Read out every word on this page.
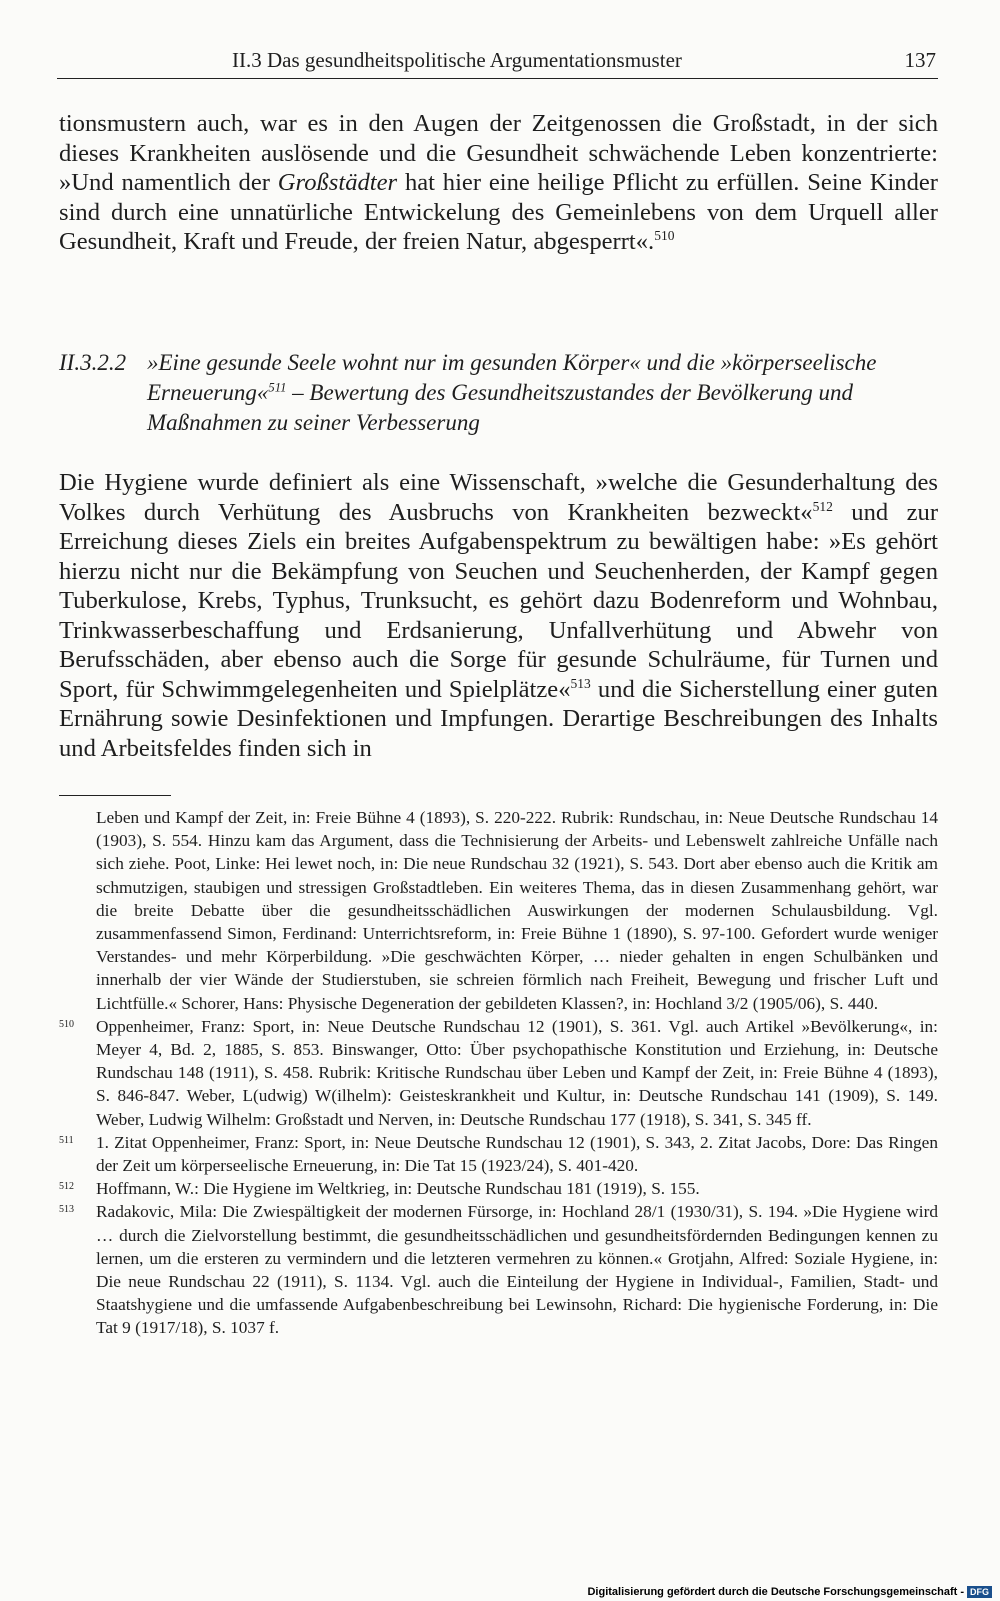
II.3 Das gesundheitspolitische Argumentationsmuster	137

tionsmustern auch, war es in den Augen der Zeitgenossen die Großstadt, in der sich dieses Krankheiten auslösende und die Gesundheit schwächende Leben konzentrierte: »Und namentlich der Großstädter hat hier eine heilige Pflicht zu erfüllen. Seine Kinder sind durch eine unnatürliche Entwickelung des Gemeinlebens von dem Urquell aller Gesundheit, Kraft und Freude, der freien Natur, abgesperrt«.$^{510}$

II.3.2.2 »Eine gesunde Seele wohnt nur im gesunden Körper« und die »körperseelische Erneuerung«$^{511}$ – Bewertung des Gesundheitszustandes der Bevölkerung und Maßnahmen zu seiner Verbesserung

Die Hygiene wurde definiert als eine Wissenschaft, »welche die Gesunderhaltung des Volkes durch Verhütung des Ausbruchs von Krankheiten bezweckt«$^{512}$ und zur Erreichung dieses Ziels ein breites Aufgabenspektrum zu bewältigen habe: »Es gehört hierzu nicht nur die Bekämpfung von Seuchen und Seuchenherden, der Kampf gegen Tuberkulose, Krebs, Typhus, Trunksucht, es gehört dazu Bodenreform und Wohnbau, Trinkwasserbeschaffung und Erdsanierung, Unfallverhütung und Abwehr von Berufsschäden, aber ebenso auch die Sorge für gesunde Schulräume, für Turnen und Sport, für Schwimmgelegenheiten und Spielplätze«$^{513}$ und die Sicherstellung einer guten Ernährung sowie Desinfektionen und Impfungen. Derartige Beschreibungen des Inhalts und Arbeitsfeldes finden sich in

Leben und Kampf der Zeit, in: Freie Bühne 4 (1893), S. 220-222. Rubrik: Rundschau, in: Neue Deutsche Rundschau 14 (1903), S. 554. Hinzu kam das Argument, dass die Technisierung der Arbeits- und Lebenswelt zahlreiche Unfälle nach sich ziehe. Poot, Linke: Hei lewet noch, in: Die neue Rundschau 32 (1921), S. 543. Dort aber ebenso auch die Kritik am schmutzigen, staubigen und stressigen Großstadtleben. Ein weiteres Thema, das in diesen Zusammenhang gehört, war die breite Debatte über die gesundheitsschädlichen Auswirkungen der modernen Schulausbildung. Vgl. zusammenfassend Simon, Ferdinand: Unterrichtsreform, in: Freie Bühne 1 (1890), S. 97-100. Gefordert wurde weniger Verstandes- und mehr Körperbildung. »Die geschwächten Körper, … nieder gehalten in engen Schulbänken und innerhalb der vier Wände der Studierstuben, sie schreien förmlich nach Freiheit, Bewegung und frischer Luft und Lichtfülle.« Schorer, Hans: Physische Degeneration der gebildeten Klassen?, in: Hochland 3/2 (1905/06), S. 440.
510 Oppenheimer, Franz: Sport, in: Neue Deutsche Rundschau 12 (1901), S. 361. Vgl. auch Artikel »Bevölkerung«, in: Meyer 4, Bd. 2, 1885, S. 853. Binswanger, Otto: Über psychopathische Konstitution und Erziehung, in: Deutsche Rundschau 148 (1911), S. 458. Rubrik: Kritische Rundschau über Leben und Kampf der Zeit, in: Freie Bühne 4 (1893), S. 846-847. Weber, L(udwig) W(ilhelm): Geisteskrankheit und Kultur, in: Deutsche Rundschau 141 (1909), S. 149. Weber, Ludwig Wilhelm: Großstadt und Nerven, in: Deutsche Rundschau 177 (1918), S. 341, S. 345 ff.
511 1. Zitat Oppenheimer, Franz: Sport, in: Neue Deutsche Rundschau 12 (1901), S. 343, 2. Zitat Jacobs, Dore: Das Ringen der Zeit um körperseelische Erneuerung, in: Die Tat 15 (1923/24), S. 401-420.
512 Hoffmann, W.: Die Hygiene im Weltkrieg, in: Deutsche Rundschau 181 (1919), S. 155.
513 Radakovic, Mila: Die Zwiespältigkeit der modernen Fürsorge, in: Hochland 28/1 (1930/31), S. 194. »Die Hygiene wird … durch die Zielvorstellung bestimmt, die gesundheitsschädlichen und gesundheitsfördernden Bedingungen kennen zu lernen, um die ersteren zu vermindern und die letzteren vermehren zu können.« Grotjahn, Alfred: Soziale Hygiene, in: Die neue Rundschau 22 (1911), S. 1134. Vgl. auch die Einteilung der Hygiene in Individual-, Familien, Stadt- und Staatshygiene und die umfassende Aufgabenbeschreibung bei Lewinsohn, Richard: Die hygienische Forderung, in: Die Tat 9 (1917/18), S. 1037 f.
Digitalisierung gefördert durch die Deutsche Forschungsgemeinschaft - DFG
